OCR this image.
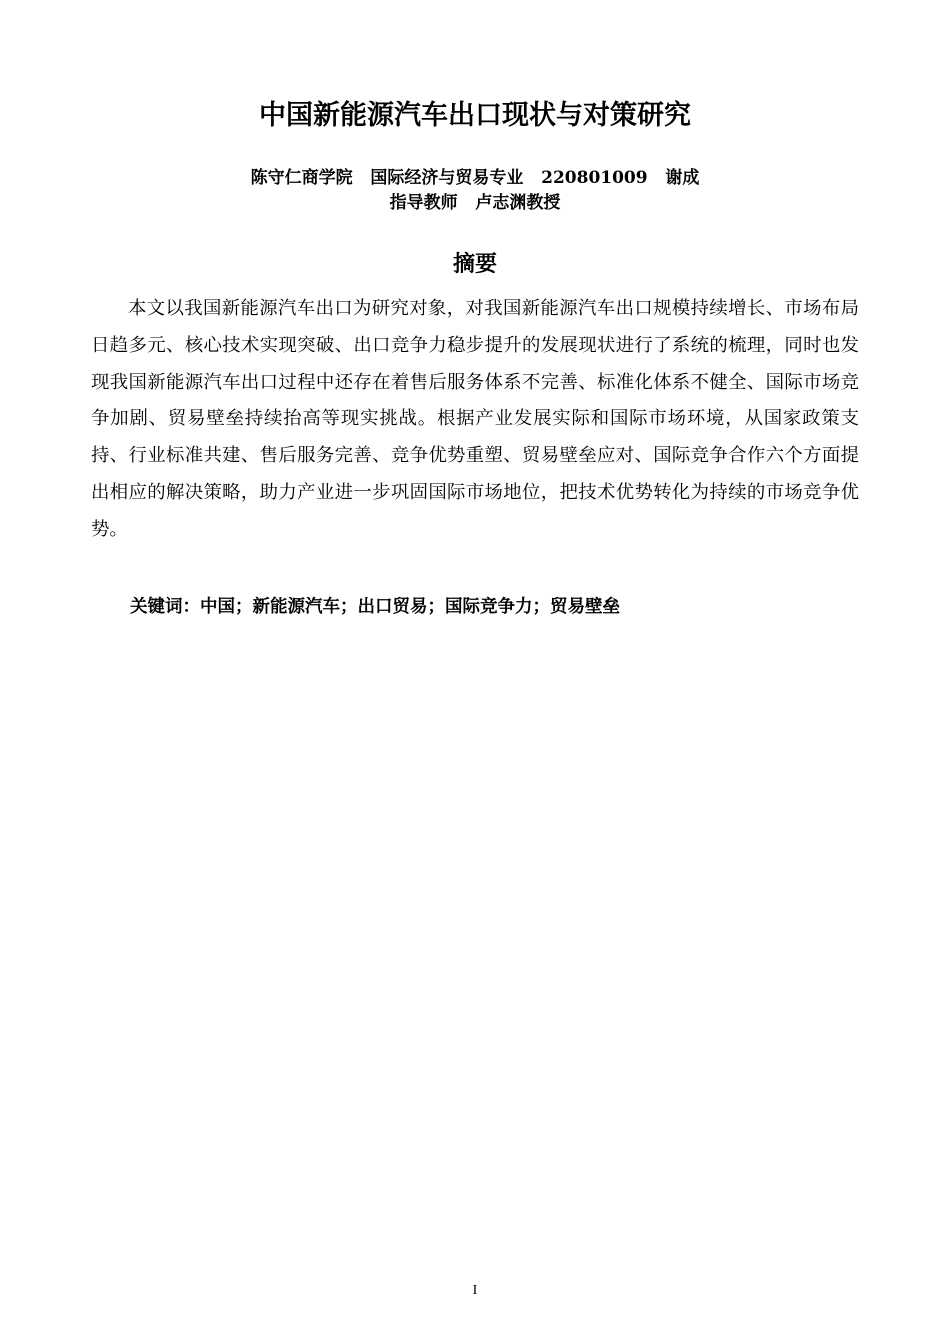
中国新能源汽车出口现状与对策研究
陈守仁商学院   国际经济与贸易专业   220801009   谢成
指导教师   卢志渊教授
摘要
本文以我国新能源汽车出口为研究对象，对我国新能源汽车出口规模持续增长、市场布局日趋多元、核心技术实现突破、出口竞争力稳步提升的发展现状进行了系统的梳理，同时也发现我国新能源汽车出口过程中还存在着售后服务体系不完善、标准化体系不健全、国际市场竞争加剧、贸易壁垒持续抬高等现实挑战。根据产业发展实际和国际市场环境，从国家政策支持、行业标准共建、售后服务完善、竞争优势重塑、贸易壁垒应对、国际竞争合作六个方面提出相应的解决策略，助力产业进一步巩固国际市场地位，把技术优势转化为持续的市场竞争优势。
关键词：中国；新能源汽车；出口贸易；国际竞争力；贸易壁垒
I
